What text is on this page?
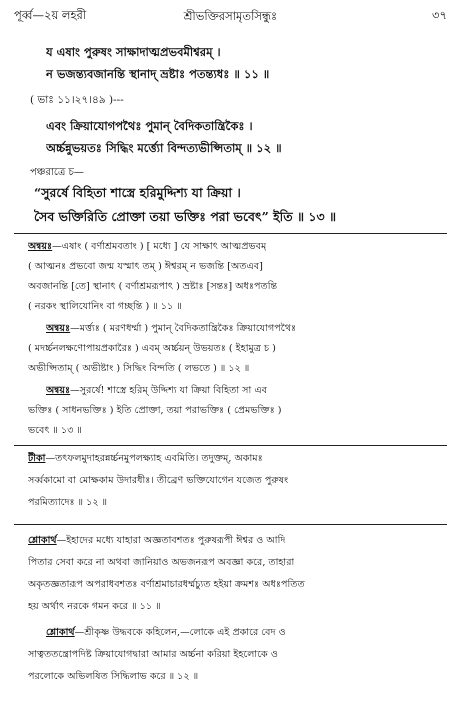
পূর্ব্ব—২য় লহরী	শ্রীভক্তিরসামৃতসিন্ধুঃ	৩৭
য এষাং পুরুষং সাক্ষাদাত্মপ্রভবমীশ্বরম্ ।
ন ভজন্ত্যবজানন্তি স্থানাদ্ ভ্রষ্টাঃ পতন্ত্যধঃ ॥ ১১ ॥
( ভাঃ ১১।২৭।৪৯ )---
এবং ক্রিয়াযোগপথৈঃ পুমান্ বৈদিকতান্ত্রিকৈঃ ।
অর্চ্চন্নুভয়তঃ সিদ্ধিং মর্ত্ত্যো বিন্দত্যভীপ্সিতাম্ ॥ ১২ ॥
পঞ্চরাত্রে চ—
“সুরর্ষে বিহিতা শাস্ত্রে হরিমুদ্দিশ্য যা ক্রিয়া ।
সৈব ভক্তিরিতি প্রোক্তা তয়া ভক্তিঃ পরা ভবেৎ” ইতি ॥ ১৩ ॥
অন্বয়ঃ—এষাং ( বর্ণাশ্রমবতাং ) [ মধ্যে ] যে সাক্ষাৎ আত্মপ্রভবম্
( আত্মনঃ প্রভবো জন্ম যস্মাৎ তম্ ) ঈশ্বরম্ ন ভজন্তি [অতএব]
অবজানন্তি [তে] স্থানাৎ ( বর্ণাশ্রমরূপাৎ ) ভ্রষ্টাঃ [সন্তঃ] অধঃপতন্তি
( নরকং স্থালিযোনিং বা গচ্ছন্তি ) ॥ ১১ ॥
অন্বয়ঃ—মর্ত্ত্যঃ ( মরণধর্ম্মা ) পুমান্ বৈদিকতান্ত্রিকৈঃ ক্রিয়াযোগপথৈঃ
( মদর্চ্চনলক্ষণোপায়প্রকারৈঃ ) এবম্ অর্চ্চয়ন্ উভয়তঃ ( ইহামুত্র চ )
অভীপ্সিতাম্ ( অভীষ্টাং ) সিদ্ধিং বিন্দতি ( লভতে ) ॥ ১২ ॥
অন্বয়ঃ—সুরর্ষে! শাস্ত্রে হরিম্ উদ্দিশ্য যা ক্রিয়া বিহিতা সা এব
ভক্তিঃ ( সাধনভক্তিঃ ) ইতি প্রোক্তা, তয়া পরাভক্তিঃ ( প্রেমভক্তিঃ )
ভবেৎ ॥ ১৩ ॥
টীকা—তৎফলমুদাহরন্নর্চ্চনমুপলক্ষ্যাহ এবমিতি। তদুক্তম্, অকামঃ
সর্ব্বকামো বা মোক্ষকাম উদারধীঃ। তীব্রেণ ভক্তিযোগেন যজেত পুরুষং
পরমিত্যাদেঃ ॥ ১২ ॥
শ্লোকার্থ—ইহাদের মধ্যে যাহারা অজ্ঞতাবশতঃ পুরুষরূপী ঈশ্বর ও আদি
পিতার সেবা করে না অথবা জানিয়াও অভজনরূপ অবজ্ঞা করে, তাহারা
অকৃতজ্ঞতারূপ অপরাধবশতঃ বর্ণাশ্রমাচারধর্ম্মচ্যুত হইয়া ক্রমশঃ অধঃপতিত
হয় অর্থাৎ নরকে গমন করে ॥ ১১ ॥
শ্লোকার্থ—শ্রীকৃষ্ণ উদ্ধবকে কহিলেন,—লোকে এই প্রকারে বেদ ও
সাত্বততন্ত্রোপদিষ্ট ক্রিয়াযোগদ্বারা আমার অর্চ্চনা করিয়া ইহলোকে ও
পরলোকে অভিলষিত সিদ্ধিলাভ করে ॥ ১২ ॥
